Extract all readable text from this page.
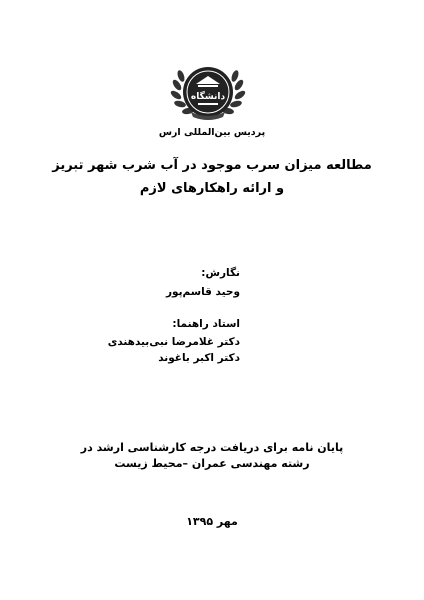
دانشگاه
پردیس بین‌المللی ارس
مطالعه میزان سرب موجود در آب شرب شهر تبریز
و ارائه راهکارهای لازم
نگارش:
وحید قاسم‌پور
استاد راهنما:
دکتر غلامرضا نبی‌بیدهندی
دکتر اکبر باغوند
پایان نامه برای دریافت درجه کارشناسی ارشد در
رشته مهندسی عمران –محیط زیست
مهر ۱۳۹۵
